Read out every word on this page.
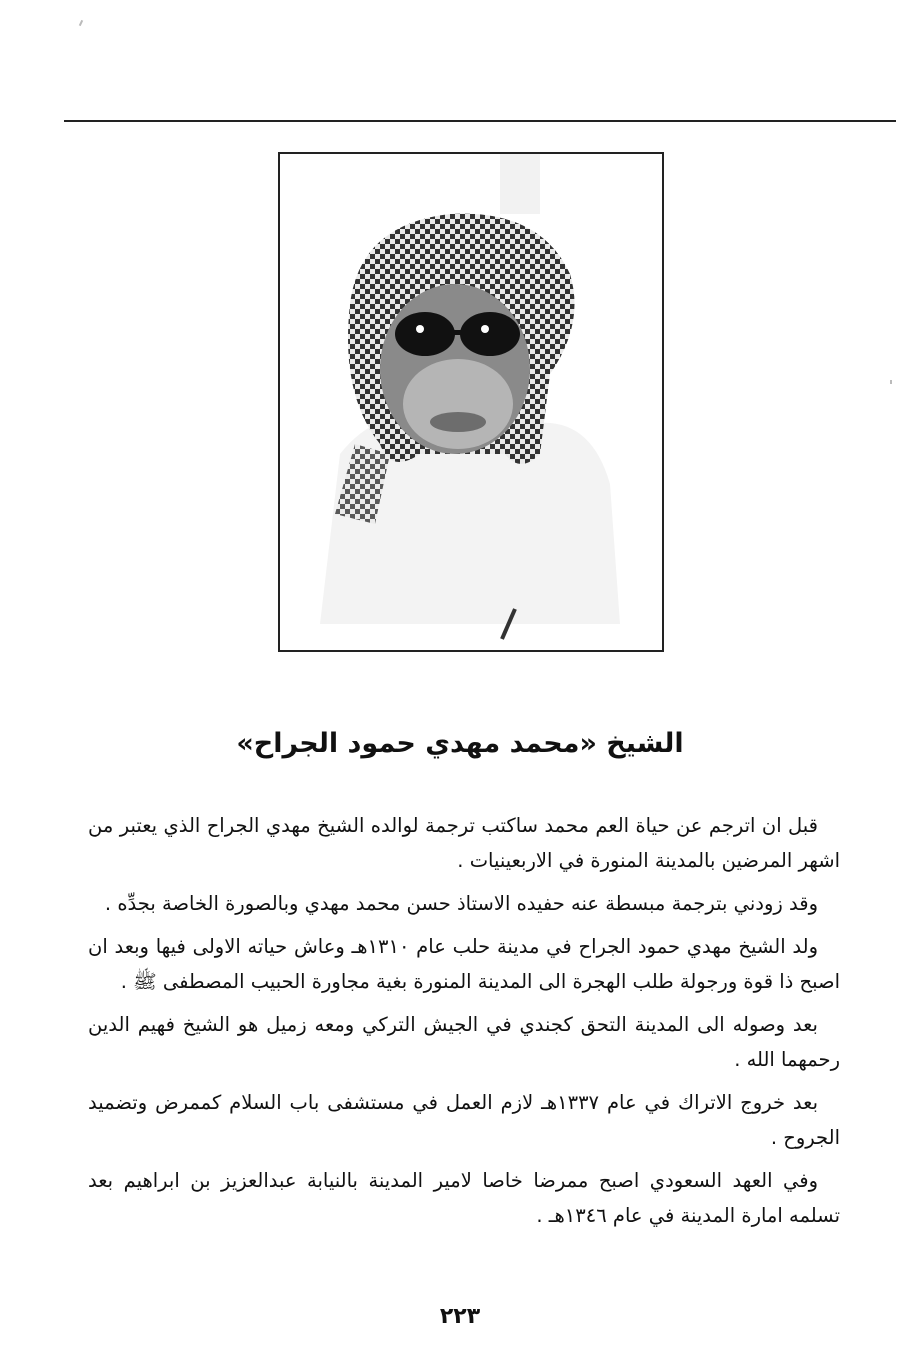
الشيخ «محمد مهدي حمود الجراح»

قبل ان اترجم عن حياة العم محمد ساكتب ترجمة لوالده الشيخ مهدي الجراح الذي يعتبر من اشهر المرضين بالمدينة المنورة في الاربعينيات .

وقد زودني بترجمة مبسطة عنه حفيده الاستاذ حسن محمد مهدي وبالصورة الخاصة بجدِّه .

ولد الشيخ مهدي حمود الجراح في مدينة حلب عام ١٣١٠هـ وعاش حياته الاولى فيها وبعد ان اصبح ذا قوة ورجولة طلب الهجرة الى المدينة المنورة بغية مجاورة الحبيب المصطفى ﷺ .

بعد وصوله الى المدينة التحق كجندي في الجيش التركي ومعه زميل هو الشيخ فهيم الدين رحمهما الله .

بعد خروج الاتراك في عام ١٣٣٧هـ لازم العمل في مستشفى باب السلام كممرض وتضميد الجروح .

وفي العهد السعودي اصبح ممرضا خاصا لامير المدينة بالنيابة عبدالعزيز بن ابراهيم بعد تسلمه امارة المدينة في عام ١٣٤٦هـ .

٢٢٣
